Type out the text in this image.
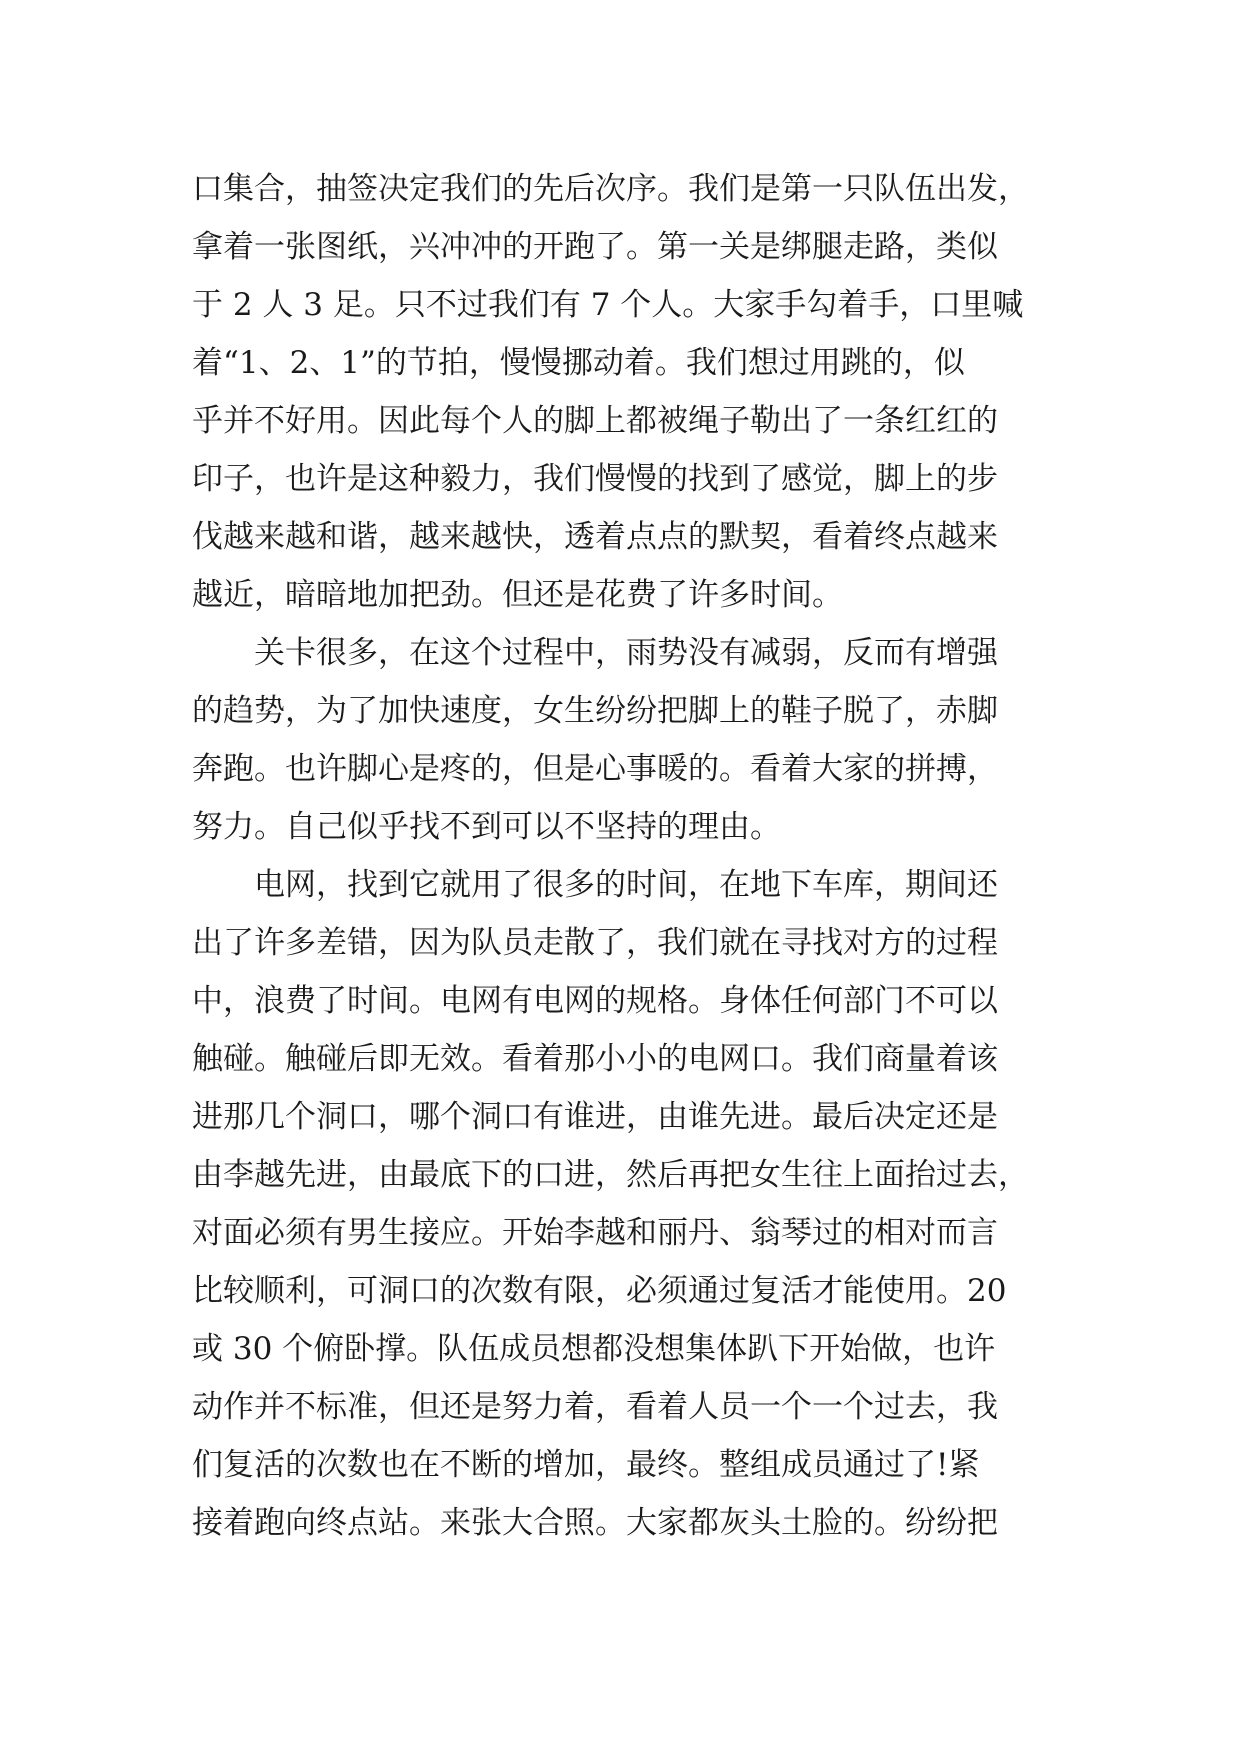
口集合，抽签决定我们的先后次序。我们是第一只队伍出发，
拿着一张图纸，兴冲冲的开跑了。第一关是绑腿走路，类似
于 2 人 3 足。只不过我们有 7 个人。大家手勾着手，口里喊
着“1、2、1”的节拍，慢慢挪动着。我们想过用跳的，似
乎并不好用。因此每个人的脚上都被绳子勒出了一条红红的
印子，也许是这种毅力，我们慢慢的找到了感觉，脚上的步
伐越来越和谐，越来越快，透着点点的默契，看着终点越来
越近，暗暗地加把劲。但还是花费了许多时间。
　　关卡很多，在这个过程中，雨势没有减弱，反而有增强
的趋势，为了加快速度，女生纷纷把脚上的鞋子脱了，赤脚
奔跑。也许脚心是疼的，但是心事暖的。看着大家的拼搏，
努力。自己似乎找不到可以不坚持的理由。
　　电网，找到它就用了很多的时间，在地下车库，期间还
出了许多差错，因为队员走散了，我们就在寻找对方的过程
中，浪费了时间。电网有电网的规格。身体任何部门不可以
触碰。触碰后即无效。看着那小小的电网口。我们商量着该
进那几个洞口，哪个洞口有谁进，由谁先进。最后决定还是
由李越先进，由最底下的口进，然后再把女生往上面抬过去，
对面必须有男生接应。开始李越和丽丹、翁琴过的相对而言
比较顺利，可洞口的次数有限，必须通过复活才能使用。20
或 30 个俯卧撑。队伍成员想都没想集体趴下开始做，也许
动作并不标准，但还是努力着，看着人员一个一个过去，我
们复活的次数也在不断的增加，最终。整组成员通过了!紧
接着跑向终点站。来张大合照。大家都灰头土脸的。纷纷把
